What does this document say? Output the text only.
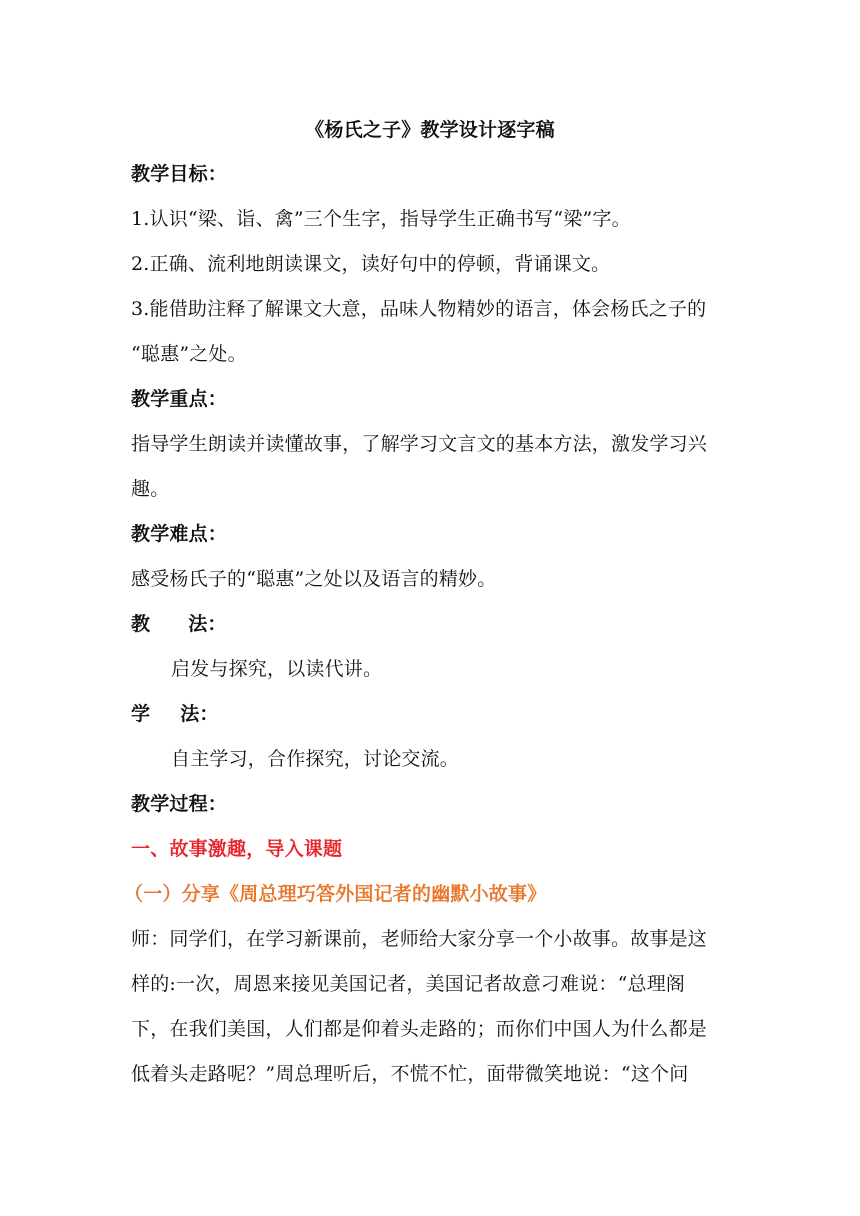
《杨氏之子》教学设计逐字稿
教学目标：
1.认识“梁、诣、禽”三个生字，指导学生正确书写“梁”字。
2.正确、流利地朗读课文，读好句中的停顿，背诵课文。
3.能借助注释了解课文大意，品味人物精妙的语言，体会杨氏之子的
“聪惠”之处。
教学重点：
指导学生朗读并读懂故事，了解学习文言文的基本方法，激发学习兴
趣。
教学难点：
感受杨氏子的“聪惠”之处以及语言的精妙。
教 法：
启发与探究，以读代讲。
学 法：
自主学习，合作探究，讨论交流。
教学过程：
一、故事激趣，导入课题
（一）分享《周总理巧答外国记者的幽默小故事》
师：同学们，在学习新课前，老师给大家分享一个小故事。故事是这
样的:一次，周恩来接见美国记者，美国记者故意刁难说：“总理阁
下，在我们美国，人们都是仰着头走路的；而你们中国人为什么都是
低着头走路呢？”周总理听后，不慌不忙，面带微笑地说：“这个问
